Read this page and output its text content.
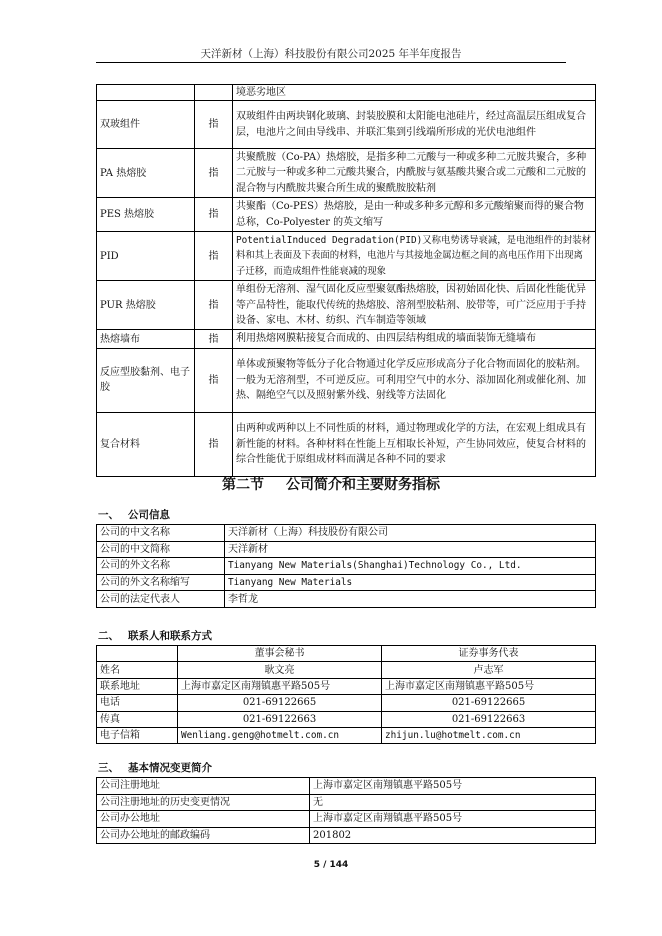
天洋新材（上海）科技股份有限公司2025 年半年度报告
		境恶劣地区
双玻组件	指	双玻组件由两块钢化玻璃、封装胶膜和太阳能电池硅片，经过高温层压组成复合层，电池片之间由导线串、并联汇集到引线端所形成的光伏电池组件
PA 热熔胶	指	共聚酰胺（Co-PA）热熔胶，是指多种二元酸与一种或多种二元胺共聚合，多种二元胺与一种或多种二元酸共聚合，内酰胺与氨基酸共聚合或二元酸和二元胺的混合物与内酰胺共聚合所生成的聚酰胺胶粘剂
PES 热熔胶	指	共聚酯（Co-PES）热熔胶，是由一种或多种多元醇和多元酸缩聚而得的聚合物总称，Co-Polyester 的英文缩写
PID	指	PotentialInduced Degradation(PID)又称电势诱导衰减，是电池组件的封装材料和其上表面及下表面的材料，电池片与其接地金属边框之间的高电压作用下出现离子迁移，而造成组件性能衰减的现象
PUR 热熔胶	指	单组份无溶剂、湿气固化反应型聚氨酯热熔胶，因初始固化快、后固化性能优异等产品特性，能取代传统的热熔胶、溶剂型胶粘剂、胶带等，可广泛应用于手持设备、家电、木材、纺织、汽车制造等领域
热熔墙布	指	利用热熔网膜粘接复合而成的、由四层结构组成的墙面装饰无缝墙布
反应型胶黏剂、电子胶	指	单体或预聚物等低分子化合物通过化学反应形成高分子化合物而固化的胶粘剂。一般为无溶剂型，不可逆反应。可利用空气中的水分、添加固化剂或催化剂、加热、隔绝空气以及照射紫外线、射线等方法固化
复合材料	指	由两种或两种以上不同性质的材料，通过物理或化学的方法，在宏观上组成具有新性能的材料。各种材料在性能上互相取长补短，产生协同效应，使复合材料的综合性能优于原组成材料而满足各种不同的要求
第二节 公司简介和主要财务指标
一、 公司信息
公司的中文名称	天洋新材（上海）科技股份有限公司
公司的中文简称	天洋新材
公司的外文名称	Tianyang New Materials(Shanghai)Technology Co., Ltd.
公司的外文名称缩写	Tianyang New Materials
公司的法定代表人	李哲龙
二、 联系人和联系方式
	董事会秘书	证券事务代表
姓名	耿文亮	卢志军
联系地址	上海市嘉定区南翔镇惠平路505号	上海市嘉定区南翔镇惠平路505号
电话	021-69122665	021-69122665
传真	021-69122663	021-69122663
电子信箱	Wenliang.geng@hotmelt.com.cn	zhijun.lu@hotmelt.com.cn
三、 基本情况变更简介
公司注册地址	上海市嘉定区南翔镇惠平路505号
公司注册地址的历史变更情况	无
公司办公地址	上海市嘉定区南翔镇惠平路505号
公司办公地址的邮政编码	201802
5 / 144
